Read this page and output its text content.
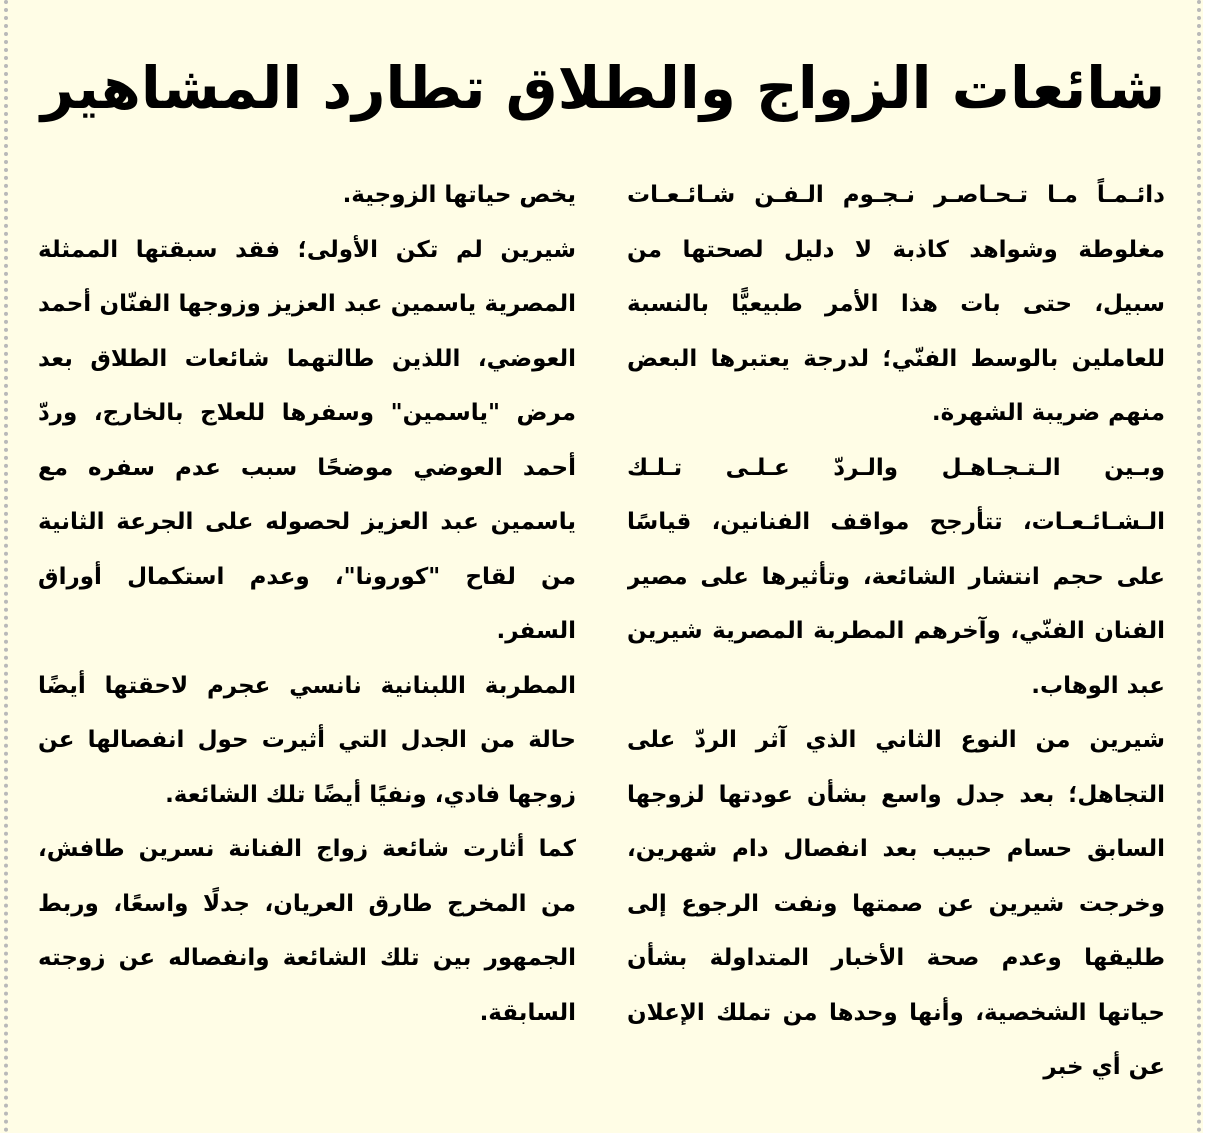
شائعات الزواج والطلاق تطارد المشاهير

دائـمـاً مـا تـحـاصـر نـجـوم الـفـن شـائـعـات مغلوطة وشواهد كاذبة لا دليل لصحتها من سبيل، حتى بات هذا الأمر طبيعيًّا بالنسبة للعاملين بالوسط الفنّي؛ لدرجة يعتبرها البعض منهم ضريبة الشهرة.

وبـين الـتـجـاهـل والـردّ عـلـى تـلـك الـشـائـعـات، تتأرجح مواقف الفنانين، قياسًا على حجم انتشار الشائعة، وتأثيرها على مصير الفنان الفنّي، وآخرهم المطربة المصرية شيرين عبد الوهاب.

شيرين من النوع الثاني الذي آثر الردّ على التجاهل؛ بعد جدل واسع بشأن عودتها لزوجها السابق حسام حبيب بعد انفصال دام شهرين، وخرجت شيرين عن صمتها ونفت الرجوع إلى طليقها وعدم صحة الأخبار المتداولة بشأن حياتها الشخصية، وأنها وحدها من تملك الإعلان عن أي خبر

يخص حياتها الزوجية.

شيرين لم تكن الأولى؛ فقد سبقتها الممثلة المصرية ياسمين عبد العزيز وزوجها الفنّان أحمد العوضي، اللذين طالتهما شائعات الطلاق بعد مرض "ياسمين" وسفرها للعلاج بالخارج، وردّ أحمد العوضي موضحًا سبب عدم سفره مع ياسمين عبد العزيز لحصوله على الجرعة الثانية من لقاح "كورونا"، وعدم استكمال أوراق السفر.

المطربة اللبنانية نانسي عجرم لاحقتها أيضًا حالة من الجدل التي أثيرت حول انفصالها عن زوجها فادي، ونفيًا أيضًا تلك الشائعة.

كما أثارت شائعة زواج الفنانة نسرين طافش، من المخرج طارق العريان، جدلًا واسعًا، وربط الجمهور بين تلك الشائعة وانفصاله عن زوجته السابقة.
